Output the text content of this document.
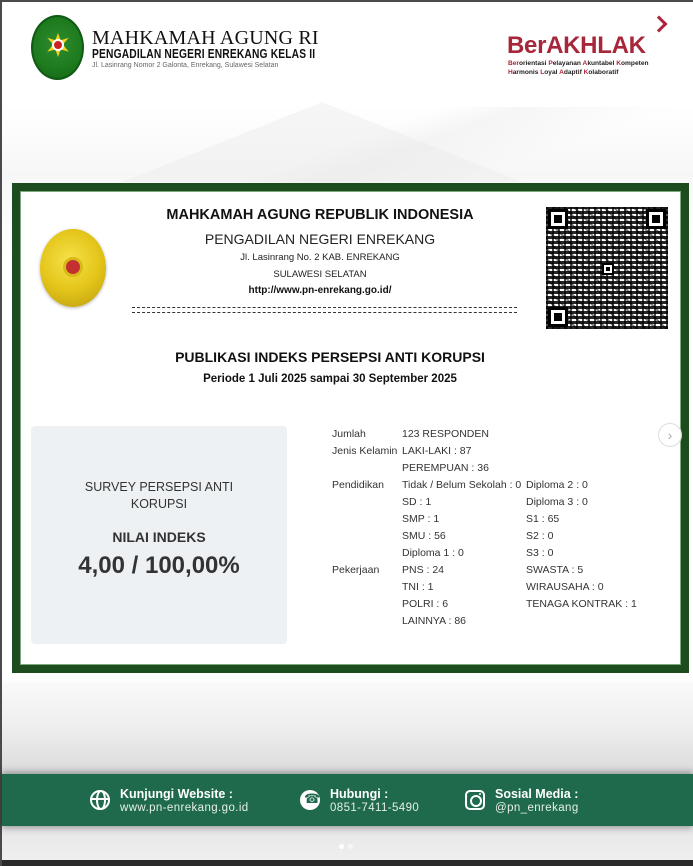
MAHKAMAH AGUNG RI
PENGADILAN NEGERI ENREKANG KELAS II
Jl. Lasinrang Nomor 2 Galonta, Enrekang, Sulawesi Selatan
BerAKHLAK
Berorientasi Pelayanan Akuntabel Kompeten
Harmonis Loyal Adaptif Kolaboratif
MAHKAMAH AGUNG REPUBLIK INDONESIA
PENGADILAN NEGERI ENREKANG
Jl. Lasinrang No. 2 KAB. ENREKANG
SULAWESI SELATAN
http://www.pn-enrekang.go.id/
PUBLIKASI INDEKS PERSEPSI ANTI KORUPSI
Periode 1 Juli 2025 sampai 30 September 2025
SURVEY PERSEPSI ANTI
KORUPSI
NILAI INDEKS
4,00 / 100,00%
Jumlah	123 RESPONDEN
Jenis Kelamin LAKI-LAKI : 87
PEREMPUAN : 36
Pendidikan Tidak / Belum Sekolah : 0
SD : 1
SMP : 1
SMU : 56
Diploma 1 : 0
Diploma 2 : 0
Diploma 3 : 0
S1 : 65
S2 : 0
S3 : 0
Pekerjaan PNS : 24
TNI : 1
POLRI : 6
LAINNYA : 86
SWASTA : 5
WIRAUSAHA : 0
TENAGA KONTRAK : 1
›
Kunjungi Website :
www.pn-enrekang.go.id
☎
Hubungi :
0851-7411-5490
Sosial Media :
@pn_enrekang
